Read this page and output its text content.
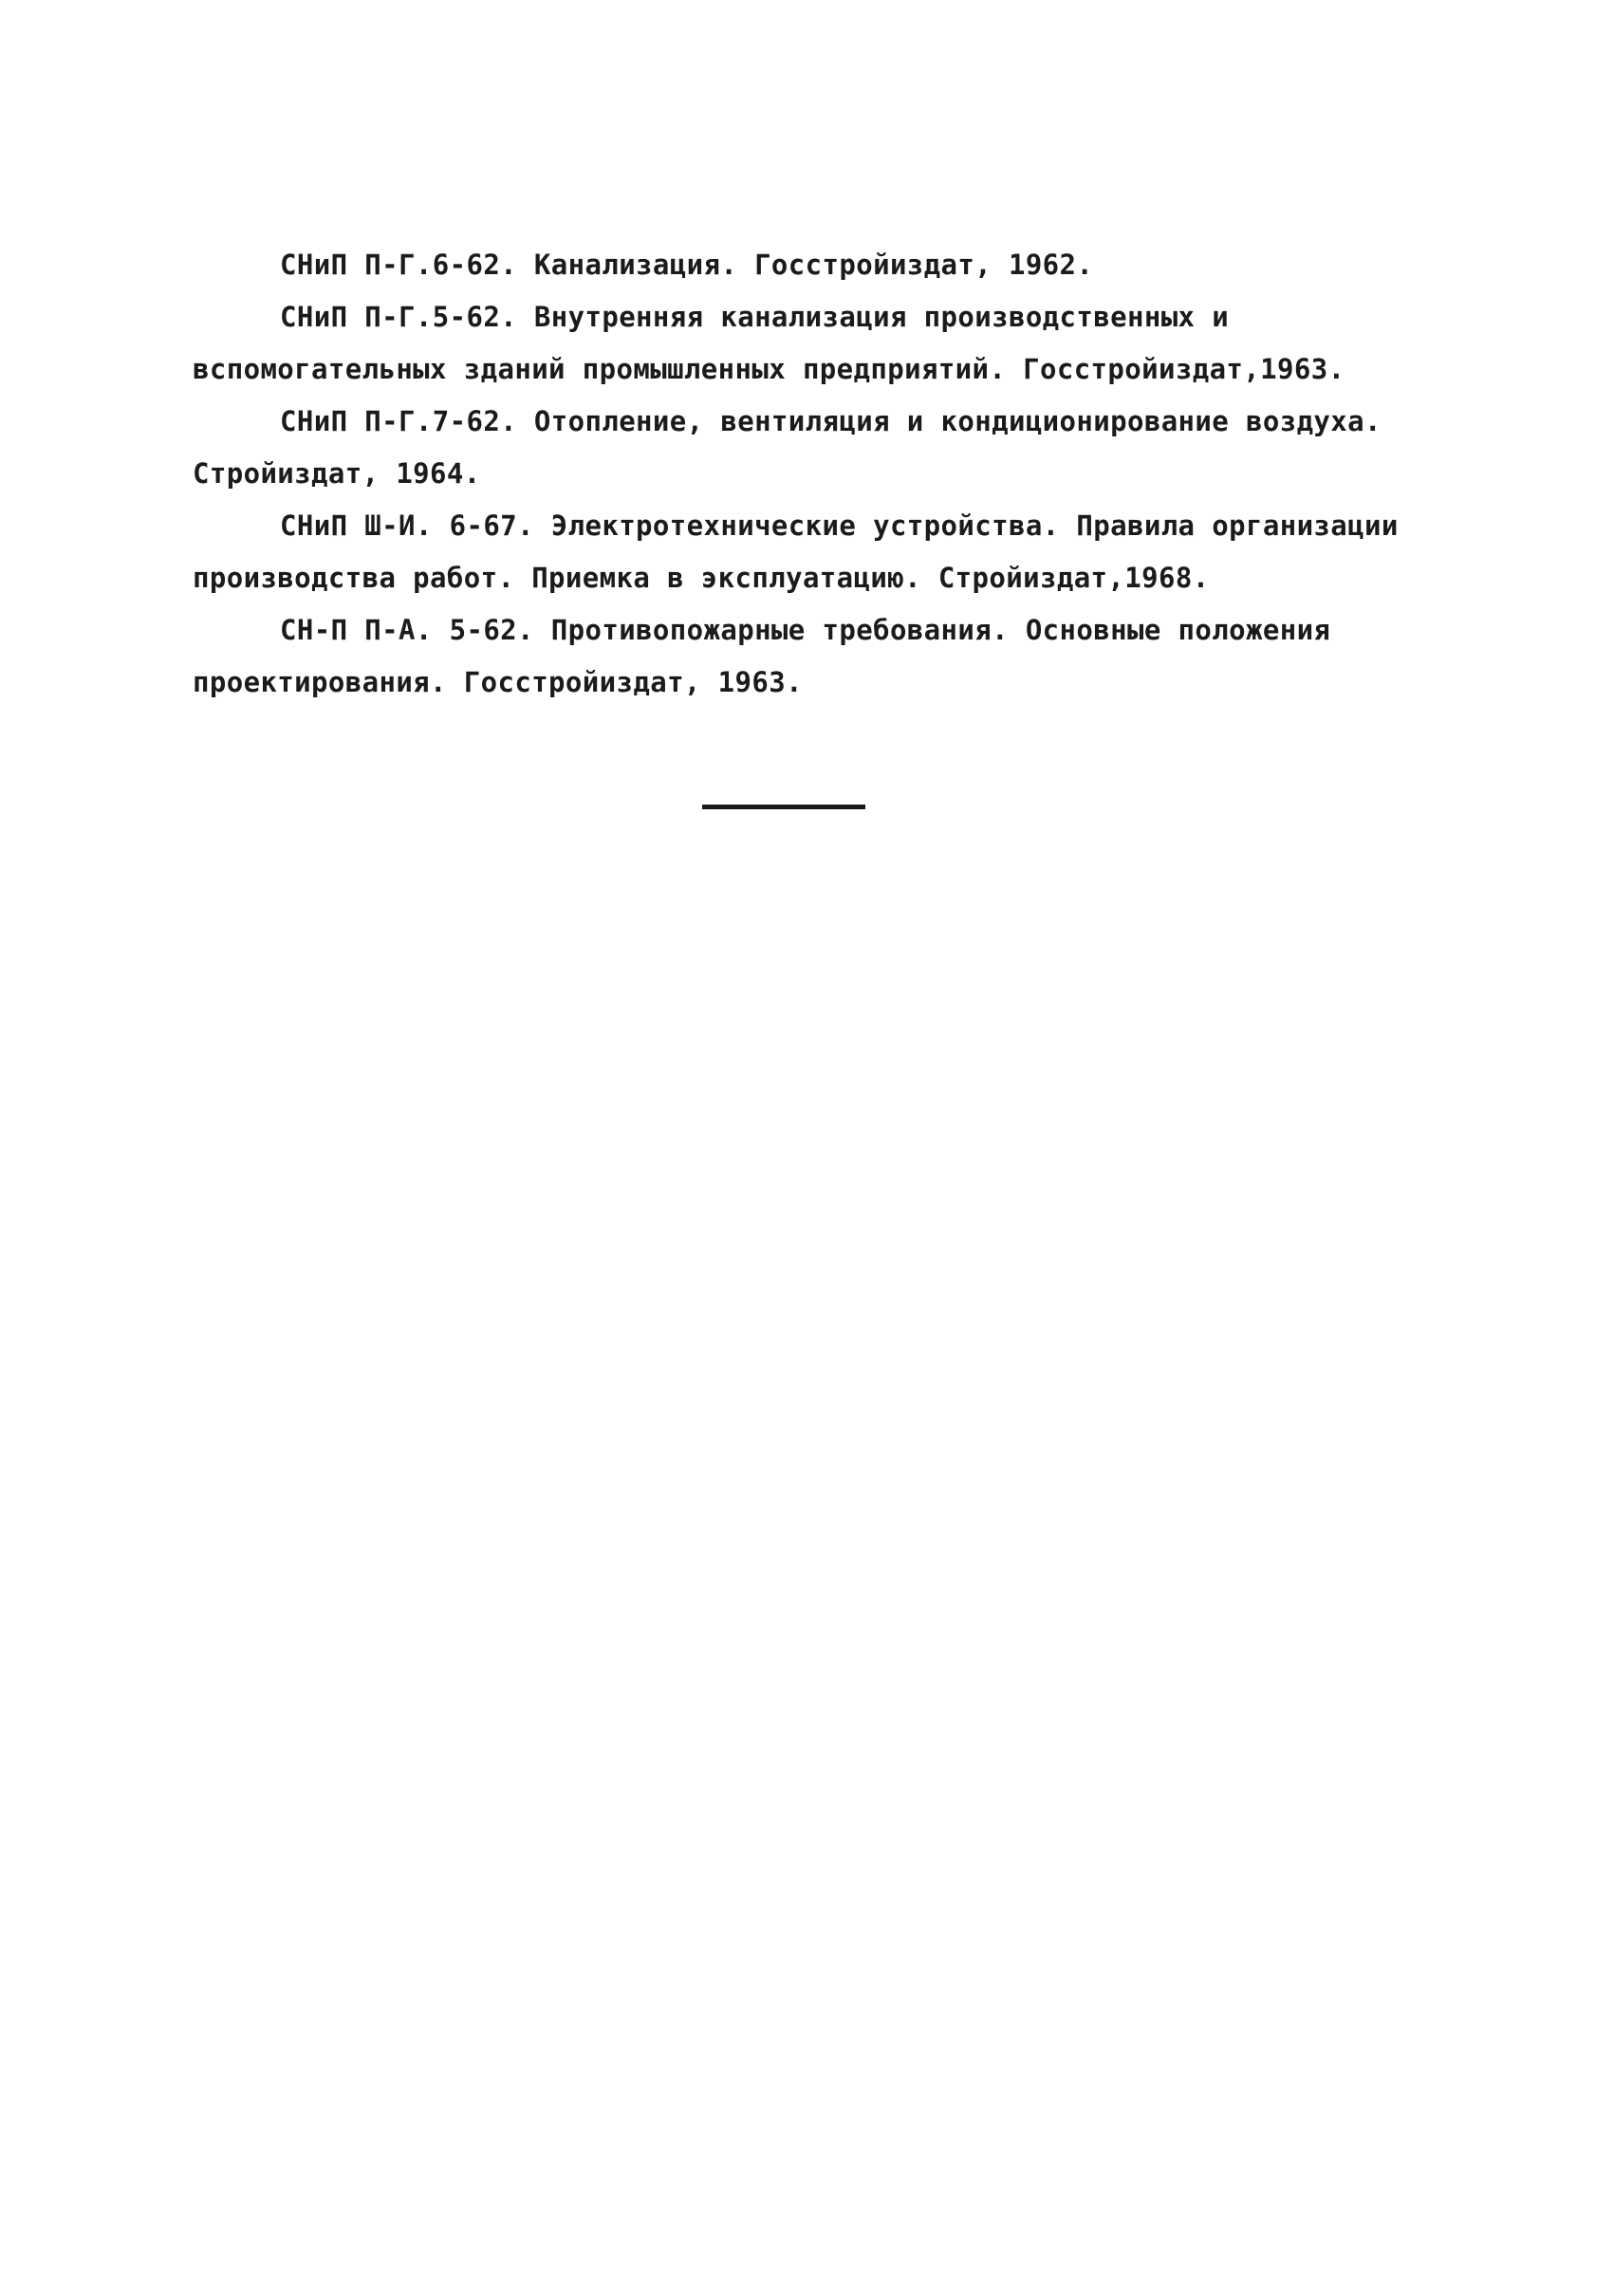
СНиП П-Г.6-62. Канализация. Госстройиздат, 1962.

СНиП П-Г.5-62. Внутренняя канализация производственных и вспомогательных зданий промышленных предприятий. Госстройиздат,1963.

СНиП П-Г.7-62. Отопление, вентиляция и кондиционирование воздуха. Стройиздат, 1964.

СНиП Ш-И. 6-67. Электротехнические устройства. Правила организации производства работ. Приемка в эксплуатацию. Стройиздат,1968.

СН-П П-А. 5-62. Противопожарные требования. Основные положения проектирования. Госстройиздат, 1963.
